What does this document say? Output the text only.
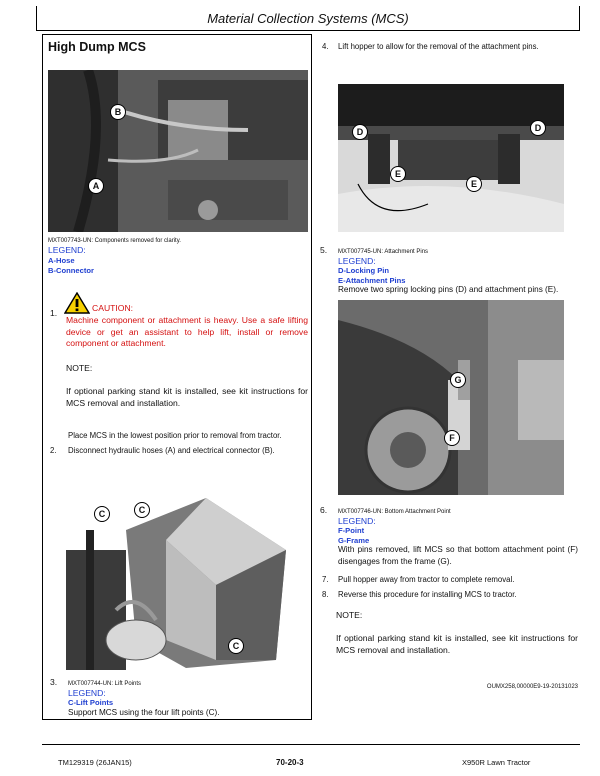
Material Collection Systems (MCS)
High Dump MCS
B
A
MXT007743-UN: Components removed for clarity.
LEGEND:
A-Hose
B-Connector
1.	CAUTION:
Machine component or attachment is heavy. Use a safe lifting device or get an assistant to help lift, install or remove component or attachment.
NOTE:
If optional parking stand kit is installed, see kit instructions for MCS removal and installation.
Place MCS in the lowest position prior to removal from tractor.
2. Disconnect hydraulic hoses (A) and electrical connector (B).
C	C
C
3. MXT007744-UN: Lift Points
LEGEND:
C-Lift Points
Support MCS using the four lift points (C).
4. Lift hopper to allow for the removal of the attachment pins.
D	D
E
E
5. MXT007745-UN: Attachment Pins
LEGEND:
D-Locking Pin
E-Attachment Pins
Remove two spring locking pins (D) and attachment pins (E).
G
F
6. MXT007746-UN: Bottom Attachment Point
LEGEND:
F-Point
G-Frame
With pins removed, lift MCS so that bottom attachment point (F) disengages from the frame (G).
7. Pull hopper away from tractor to complete removal.
8. Reverse this procedure for installing MCS to tractor.
NOTE:
If optional parking stand kit is installed, see kit instructions for MCS removal and installation.
OUMX258,00000E9-19-20131023
TM129319 (26JAN15)	70-20-3	X950R Lawn Tractor
